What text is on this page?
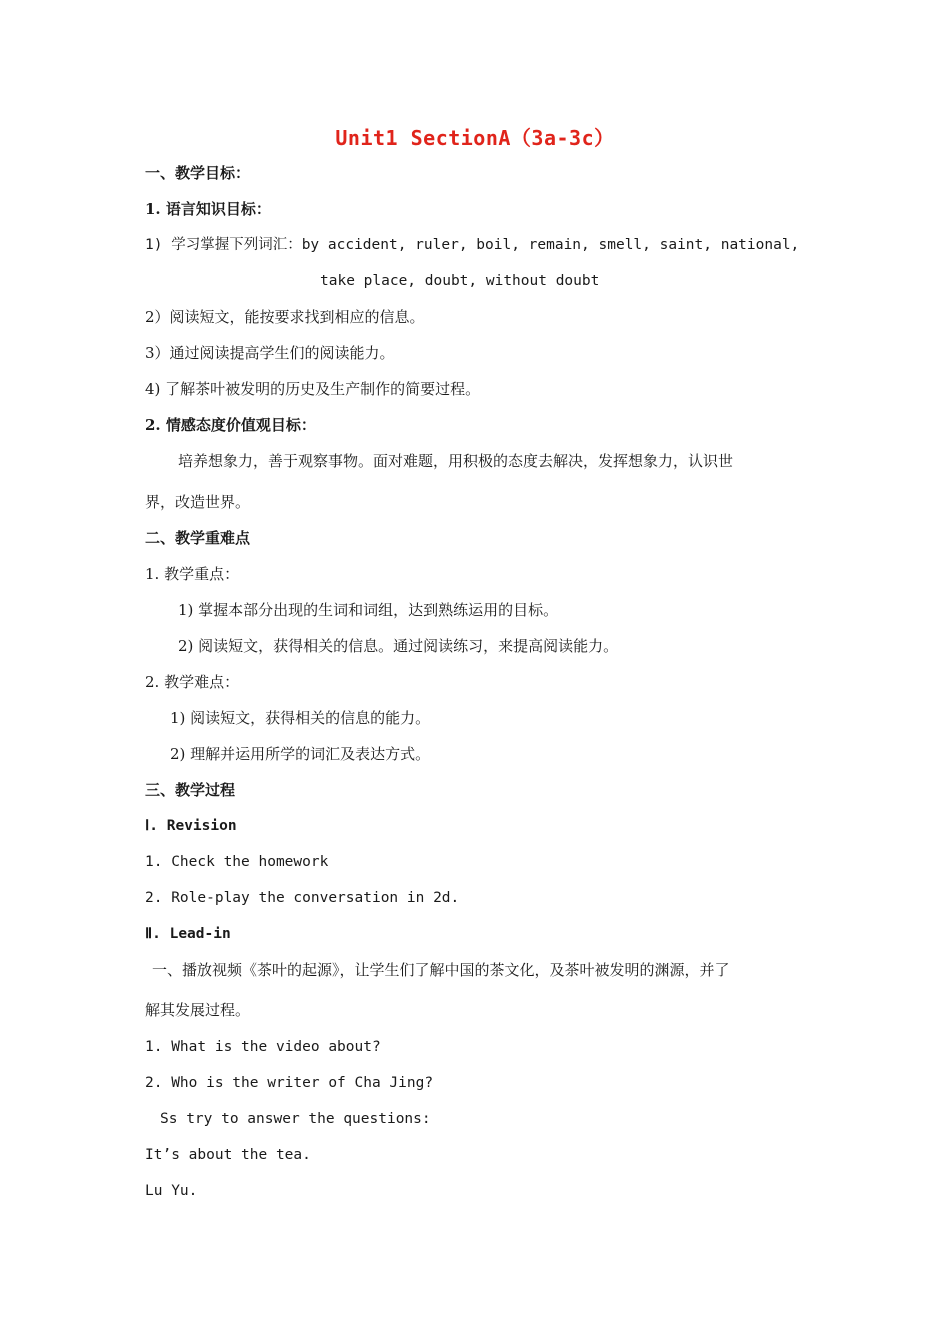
Unit1 SectionA（3a-3c）
一、教学目标：
1. 语言知识目标：
1) 学习掌握下列词汇：by accident, ruler, boil, remain, smell, saint, national,
take place, doubt, without doubt
2）阅读短文，能按要求找到相应的信息。
3）通过阅读提高学生们的阅读能力。
4) 了解茶叶被发明的历史及生产制作的简要过程。
2. 情感态度价值观目标：
培养想象力，善于观察事物。面对难题，用积极的态度去解决，发挥想象力，认识世
界，改造世界。
二、教学重难点
1. 教学重点：
1) 掌握本部分出现的生词和词组，达到熟练运用的目标。
2) 阅读短文，获得相关的信息。通过阅读练习，来提高阅读能力。
2. 教学难点：
1) 阅读短文，获得相关的信息的能力。
2) 理解并运用所学的词汇及表达方式。
三、教学过程
Ⅰ. Revision
1. Check the homework
2. Role-play the conversation in 2d.
Ⅱ. Lead-in
一、播放视频《茶叶的起源》，让学生们了解中国的茶文化，及茶叶被发明的渊源，并了
解其发展过程。
1. What is the video about?
2. Who is the writer of Cha Jing?
Ss try to answer the questions:
It’s about the tea.
Lu Yu.
